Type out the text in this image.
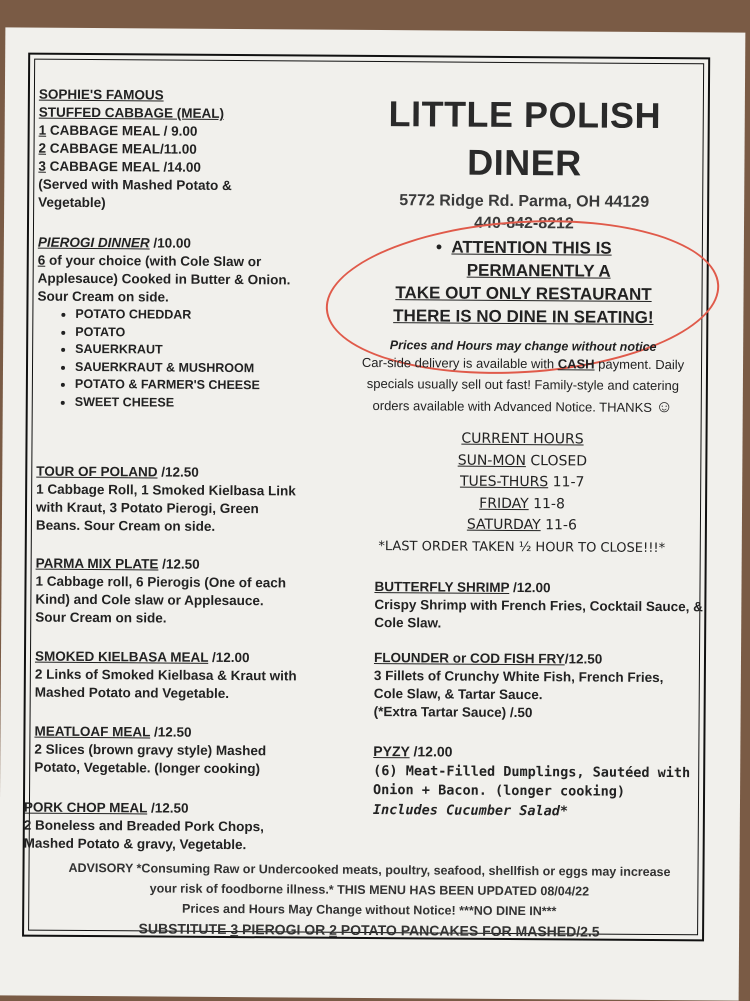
SOPHIE'S FAMOUS
STUFFED CABBAGE (MEAL)
1 CABBAGE MEAL / 9.00
2 CABBAGE MEAL/11.00
3 CABBAGE MEAL /14.00
(Served with Mashed Potato & Vegetable)
PIEROGI DINNER /10.00
6 of your choice (with Cole Slaw or Applesauce) Cooked in Butter & Onion. Sour Cream on side.
• POTATO CHEDDAR
• POTATO
• SAUERKRAUT
• SAUERKRAUT & MUSHROOM
• POTATO & FARMER'S CHEESE
• SWEET CHEESE
TOUR OF POLAND /12.50
1 Cabbage Roll, 1 Smoked Kielbasa Link with Kraut, 3 Potato Pierogi, Green Beans. Sour Cream on side.
PARMA MIX PLATE /12.50
1 Cabbage roll, 6 Pierogis (One of each Kind) and Cole slaw or Applesauce. Sour Cream on side.
SMOKED KIELBASA MEAL /12.00
2 Links of Smoked Kielbasa & Kraut with Mashed Potato and Vegetable.
MEATLOAF MEAL /12.50
2 Slices (brown gravy style) Mashed Potato, Vegetable. (longer cooking)
PORK CHOP MEAL /12.50
2 Boneless and Breaded Pork Chops, Mashed Potato & gravy, Vegetable.
LITTLE POLISH
DINER
5772 Ridge Rd. Parma, OH 44129
440-842-8212
•  ATTENTION THIS IS
PERMANENTLY A
TAKE OUT ONLY RESTAURANT
THERE IS NO DINE IN SEATING!
Prices and Hours may change without notice
Car-side delivery is available with CASH payment. Daily
specials usually sell out fast! Family-style and catering
orders available with Advanced Notice. THANKS ☺
CURRENT HOURS
SUN-MON CLOSED
TUES-THURS 11-7
FRIDAY 11-8
SATURDAY 11-6
*LAST ORDER TAKEN ½ HOUR TO CLOSE!!!*
BUTTERFLY SHRIMP /12.00
Crispy Shrimp with French Fries, Cocktail Sauce, & Cole Slaw.
FLOUNDER or COD FISH FRY/12.50
3 Fillets of Crunchy White Fish, French Fries, Cole Slaw, & Tartar Sauce.
(*Extra Tartar Sauce) /.50
PYZY /12.00
(6) Meat-Filled Dumplings, Sautéed with Onion + Bacon. (longer cooking)
Includes Cucumber Salad*
ADVISORY *Consuming Raw or Undercooked meats, poultry, seafood, shellfish or eggs may increase
your risk of foodborne illness.* THIS MENU HAS BEEN UPDATED 08/04/22
Prices and Hours May Change without Notice! ***NO DINE IN***
SUBSTITUTE 3 PIEROGI OR 2 POTATO PANCAKES FOR MASHED/2.5
